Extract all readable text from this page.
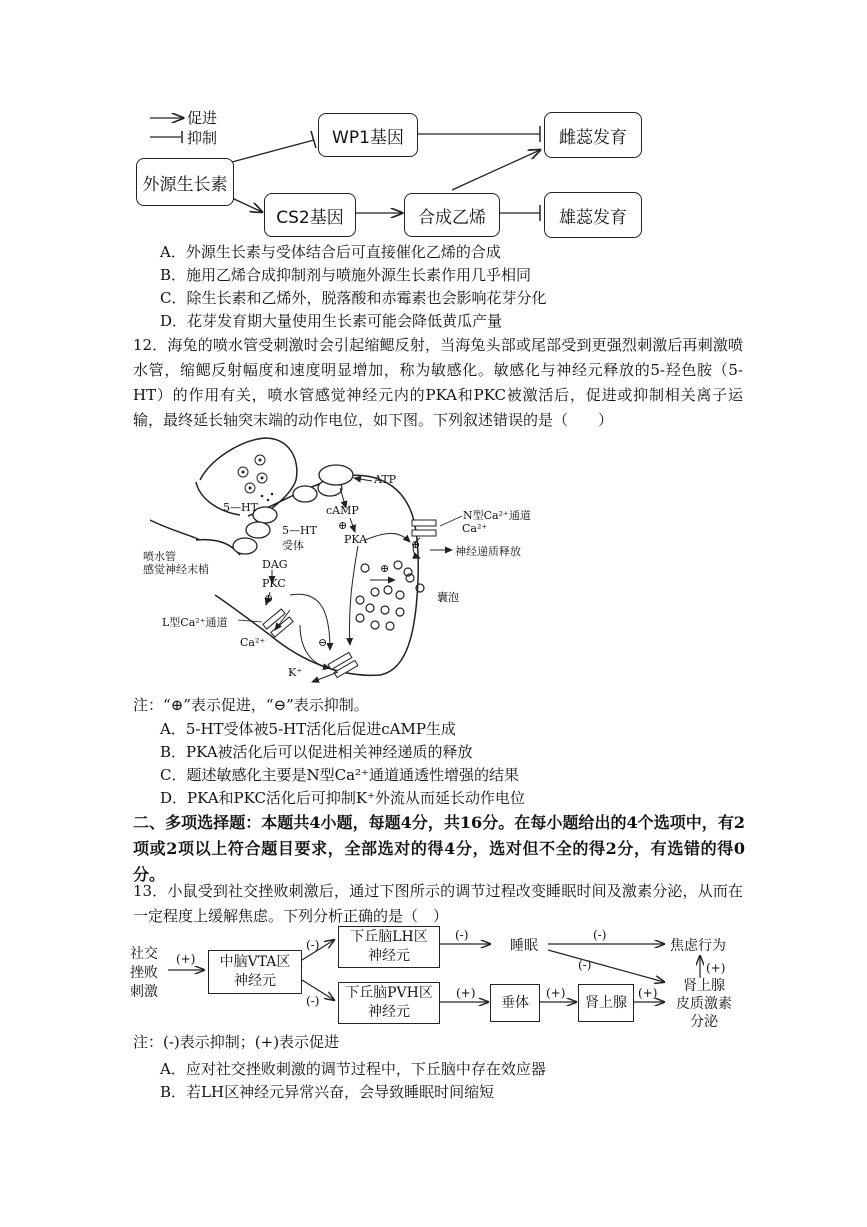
促进
抑制
外源生长素
WP1基因
CS2基因	合成乙烯
雌蕊发育
雄蕊发育
A．外源生长素与受体结合后可直接催化乙烯的合成
B．施用乙烯合成抑制剂与喷施外源生长素作用几乎相同
C．除生长素和乙烯外，脱落酸和赤霉素也会影响花芽分化
D．花芽发育期大量使用生长素可能会降低黄瓜产量
12．海兔的喷水管受刺激时会引起缩鳃反射，当海兔头部或尾部受到更强烈刺激后再刺激喷水管，缩鳃反射幅度和速度明显增加，称为敏感化。敏感化与神经元释放的5-羟色胺（5-HT）的作用有关，喷水管感觉神经元内的PKA和PKC被激活后，促进或抑制相关离子运输，最终延长轴突末端的动作电位，如下图。下列叙述错误的是（　　）
ATP
cAMP
⊕
PKA
5—HT
5—HT
受体
喷水管
感觉神经末梢	DAG
PKC
⊕
⊕
N型Ca²⁺通道
Ca²⁺
⊕
神经递质释放
囊泡
L型Ca²⁺通道
Ca²⁺	⊖
K⁺
注：“⊕”表示促进，“⊖”表示抑制。
A．5-HT受体被5-HT活化后促进cAMP生成
B．PKA被活化后可以促进相关神经递质的释放
C．题述敏感化主要是N型Ca²⁺通道通透性增强的结果
D．PKA和PKC活化后可抑制K⁺外流从而延长动作电位
二、多项选择题：本题共4小题，每题4分，共16分。在每小题给出的4个选项中，有2项或2项以上符合题目要求，全部选对的得4分，选对但不全的得2分，有选错的得0分。
13．小鼠受到社交挫败刺激后，通过下图所示的调节过程改变睡眠时间及激素分泌，从而在一定程度上缓解焦虑。下列分析正确的是（　）
社交
挫败
刺激
(+) 中脑VTA区
神经元
(-)
(-)
下丘脑LH区
神经元
下丘脑PVH区
神经元
(-)
睡眠
(-)
(-)
焦虑行为
(+)
(+)
垂体
(+)
肾上腺
(+)	肾上腺
皮质激素
分泌
注：(-)表示抑制；(+)表示促进
A．应对社交挫败刺激的调节过程中，下丘脑中存在效应器
B．若LH区神经元异常兴奋，会导致睡眠时间缩短
